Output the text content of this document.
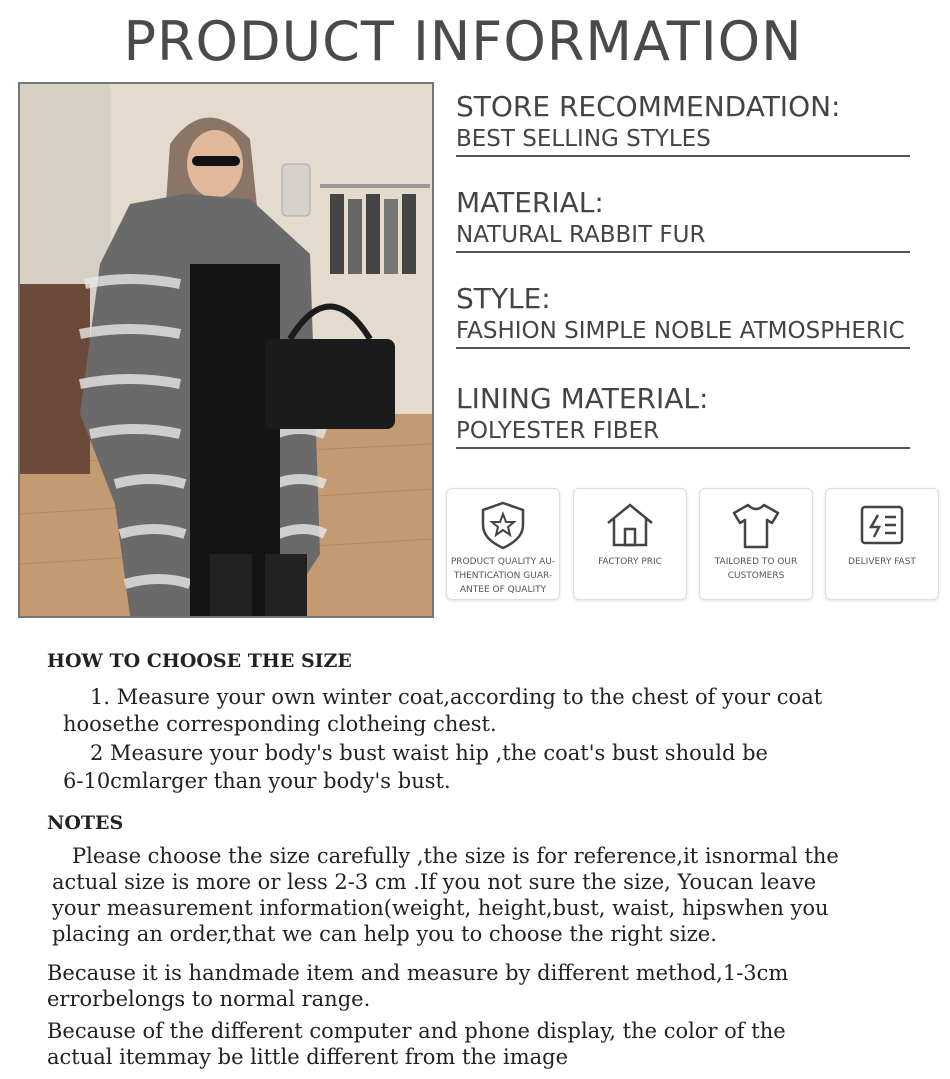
PRODUCT INFORMATION
STORE RECOMMENDATION:
BEST SELLING STYLES
MATERIAL:
NATURAL RABBIT FUR
STYLE:
FASHION SIMPLE NOBLE ATMOSPHERIC
LINING MATERIAL:
POLYESTER FIBER
PRODUCT QUALITY AU-THENTICATION GUAR-ANTEE OF QUALITY
FACTORY PRIC	TAILORED TO OUR CUSTOMERS
DELIVERY FAST
HOW TO CHOOSE THE SIZE
1. Measure your own winter coat,according to the chest of your coat
hoosethe corresponding clotheing chest.
2 Measure your body's bust waist hip ,the coat's bust should be
6-10cmlarger than your body's bust.
NOTES
Please choose the size carefully ,the size is for reference,it isnormal the
actual size is more or less 2-3 cm .If you not sure the size, Youcan leave
your measurement information(weight, height,bust, waist, hipswhen you
placing an order,that we can help you to choose the right size.
Because it is handmade item and measure by different method,1-3cm
errorbelongs to normal range.
Because of the different computer and phone display, the color of the
actual itemmay be little different from the image
